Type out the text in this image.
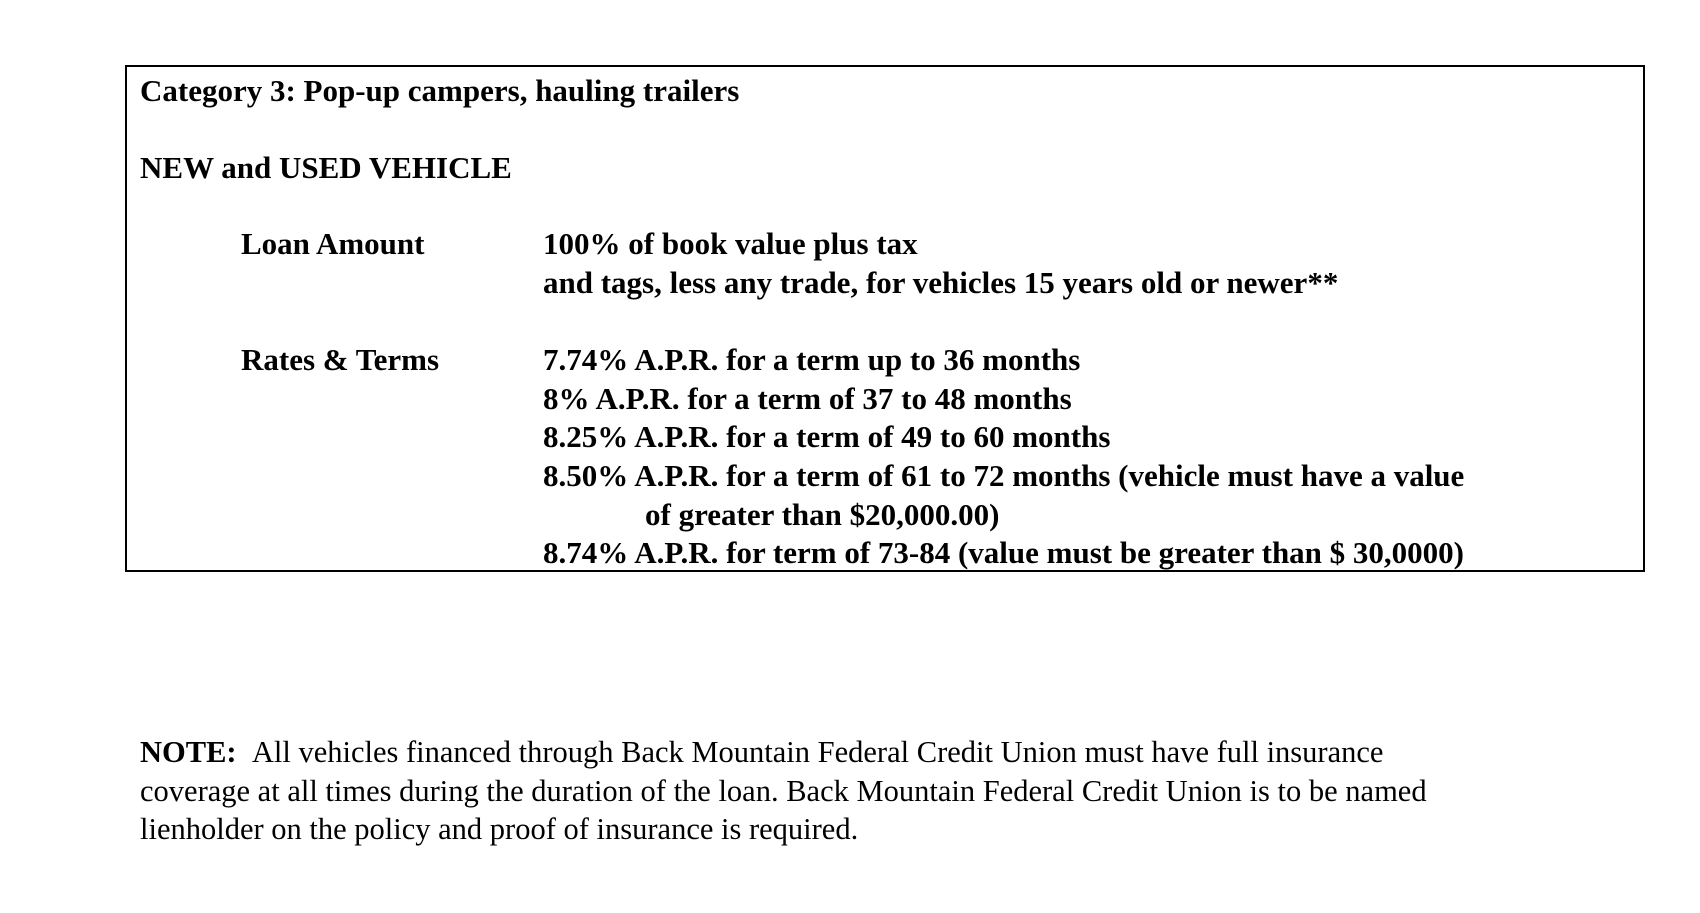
Category 3: Pop-up campers, hauling trailers
NEW and USED VEHICLE
Loan Amount	100% of book value plus tax
and tags, less any trade, for vehicles 15 years old or newer**
Rates & Terms	7.74% A.P.R. for a term up to 36 months
8% A.P.R. for a term of 37 to 48 months
8.25% A.P.R. for a term of 49 to 60 months
8.50% A.P.R. for a term of 61 to 72 months (vehicle must have a value
of greater than $20,000.00)
8.74% A.P.R. for term of 73-84 (value must be greater than $ 30,0000)
NOTE: All vehicles financed through Back Mountain Federal Credit Union must have full insurance
coverage at all times during the duration of the loan. Back Mountain Federal Credit Union is to be named
lienholder on the policy and proof of insurance is required.
